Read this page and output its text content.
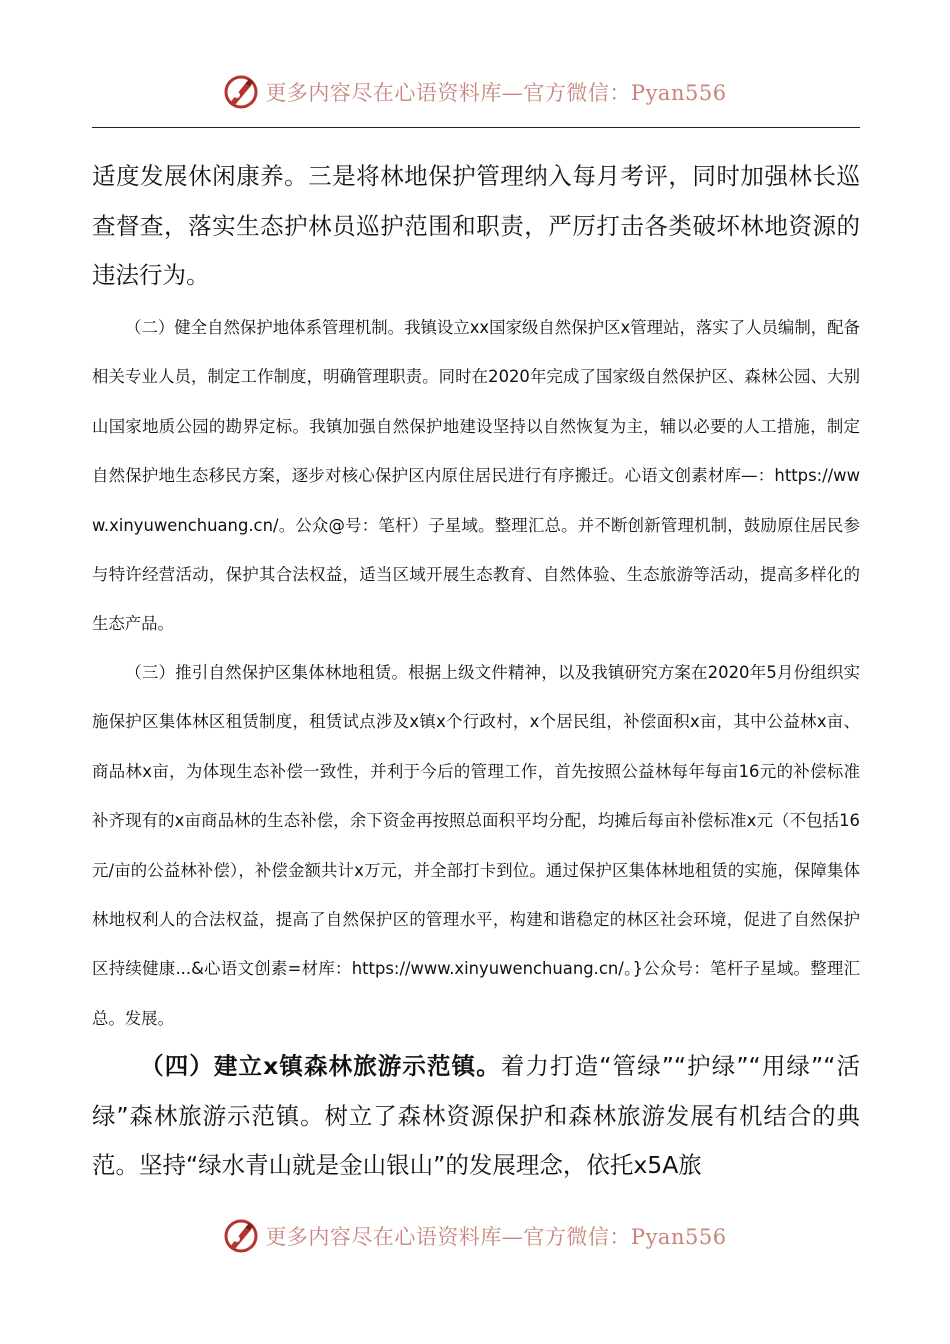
更多内容尽在心语资料库—官方微信：Pyan556

适度发展休闲康养。三是将林地保护管理纳入每月考评，同时加强林长巡查督查，落实生态护林员巡护范围和职责，严厉打击各类破坏林地资源的违法行为。

（二）健全自然保护地体系管理机制。我镇设立xx国家级自然保护区x管理站，落实了人员编制，配备相关专业人员，制定工作制度，明确管理职责。同时在2020年完成了国家级自然保护区、森林公园、大别山国家地质公园的勘界定标。我镇加强自然保护地建设坚持以自然恢复为主，辅以必要的人工措施，制定自然保护地生态移民方案，逐步对核心保护区内原住居民进行有序搬迁。心语文创素材库—：https://www.xinyuwenchuang.cn/。公众@号：笔杆）子星域。整理汇总。并不断创新管理机制，鼓励原住居民参与特许经营活动，保护其合法权益，适当区域开展生态教育、自然体验、生态旅游等活动，提高多样化的生态产品。

（三）推引自然保护区集体林地租赁。根据上级文件精神，以及我镇研究方案在2020年5月份组织实施保护区集体林区租赁制度，租赁试点涉及x镇x个行政村，x个居民组，补偿面积x亩，其中公益林x亩、商品林x亩，为体现生态补偿一致性，并利于今后的管理工作，首先按照公益林每年每亩16元的补偿标准补齐现有的x亩商品林的生态补偿，余下资金再按照总面积平均分配，均摊后每亩补偿标准x元（不包括16元/亩的公益林补偿），补偿金额共计x万元，并全部打卡到位。通过保护区集体林地租赁的实施，保障集体林地权利人的合法权益，提高了自然保护区的管理水平，构建和谐稳定的林区社会环境，促进了自然保护区持续健康...&心语文创素=材库：https://www.xinyuwenchuang.cn/。}公众号：笔杆子星域。整理汇总。发展。

（四）建立x镇森林旅游示范镇。着力打造“管绿”“护绿”“用绿”“活绿”森林旅游示范镇。树立了森林资源保护和森林旅游发展有机结合的典范。坚持“绿水青山就是金山银山”的发展理念，依托x5A旅

更多内容尽在心语资料库—官方微信：Pyan556
